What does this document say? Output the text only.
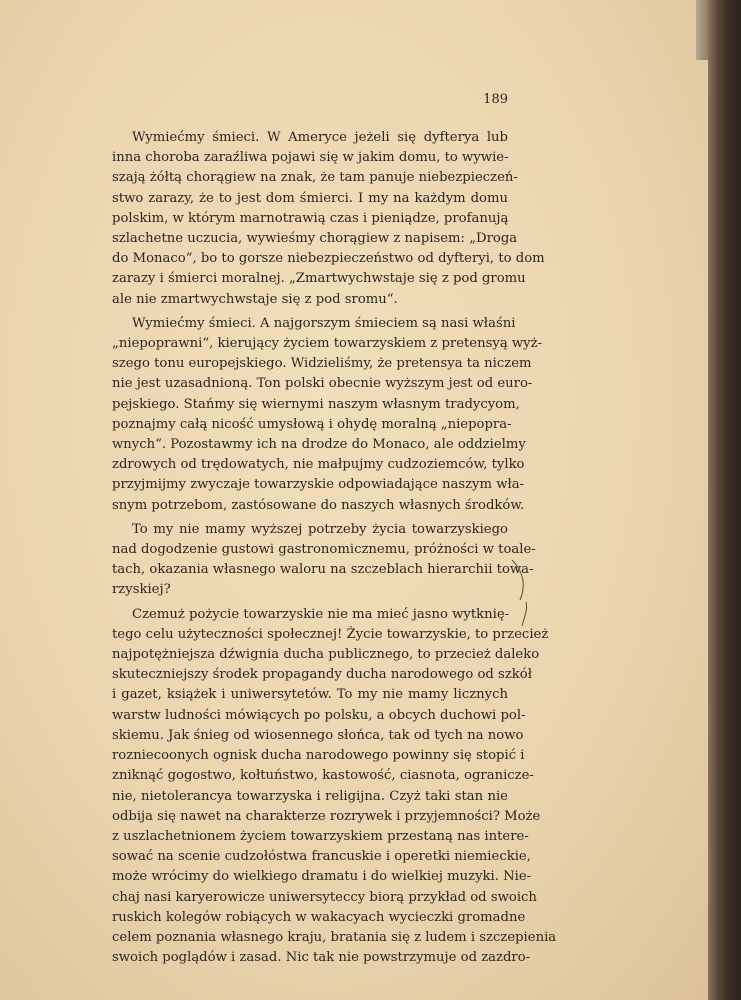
189
Wymiećmy śmieci. W Ameryce jeżeli się dyfterya lub
inna choroba zaraźliwa pojawi się w jakim domu, to wywie-
szają żółtą chorągiew na znak, że tam panuje niebezpieczeń-
stwo zarazy, że to jest dom śmierci. I my na każdym domu
polskim, w którym marnotrawią czas i pieniądze, profanują
szlachetne uczucia, wywieśmy chorągiew z napisem: „Droga
do Monaco“, bo to gorsze niebezpieczeństwo od dyfteryi, to dom
zarazy i śmierci moralnej. „Zmartwychwstaje się z pod gromu
ale nie zmartwychwstaje się z pod sromu“.
Wymiećmy śmieci. A najgorszym śmieciem są nasi właśni
„niepoprawni“, kierujący życiem towarzyskiem z pretensyą wyż-
szego tonu europejskiego. Widzieliśmy, że pretensya ta niczem
nie jest uzasadnioną. Ton polski obecnie wyższym jest od euro-
pejskiego. Stańmy się wiernymi naszym własnym tradycyom,
poznajmy całą nicość umysłową i ohydę moralną „niepopra-
wnych“. Pozostawmy ich na drodze do Monaco, ale oddzielmy
zdrowych od trędowatych, nie małpujmy cudzoziemców, tylko
przyjmijmy zwyczaje towarzyskie odpowiadające naszym wła-
snym potrzebom, zastósowane do naszych własnych środków.
To my nie mamy wyższej potrzeby życia towarzyskiego
nad dogodzenie gustowi gastronomicznemu, próżności w toale-
tach, okazania własnego waloru na szczeblach hierarchii towa-
rzyskiej?
Czemuż pożycie towarzyskie nie ma mieć jasno wytknię-
tego celu użyteczności społecznej! Życie towarzyskie, to przecież
najpotężniejsza dźwignia ducha publicznego, to przecież daleko
skuteczniejszy środek propagandy ducha narodowego od szkół
i gazet, książek i uniwersytetów. To my nie mamy licznych
warstw ludności mówiących po polsku, a obcych duchowi pol-
skiemu. Jak śnieg od wiosennego słońca, tak od tych na nowo
rozniecoonych ognisk ducha narodowego powinny się stopić i
zniknąć gogostwo, kołtuństwo, kastowość, ciasnota, ogranicze-
nie, nietolerancya towarzyska i religijna. Czyż taki stan nie
odbija się nawet na charakterze rozrywek i przyjemności? Może
z uszlachetnionem życiem towarzyskiem przestaną nas intere-
sować na scenie cudzołóstwa francuskie i operetki niemieckie,
może wrócimy do wielkiego dramatu i do wielkiej muzyki. Nie-
chaj nasi karyerowicze uniwersyteccy biorą przykład od swoich
ruskich kolegów robiących w wakacyach wycieczki gromadne
celem poznania własnego kraju, bratania się z ludem i szczepienia
swoich poglądów i zasad. Nic tak nie powstrzymuje od zazdro-
